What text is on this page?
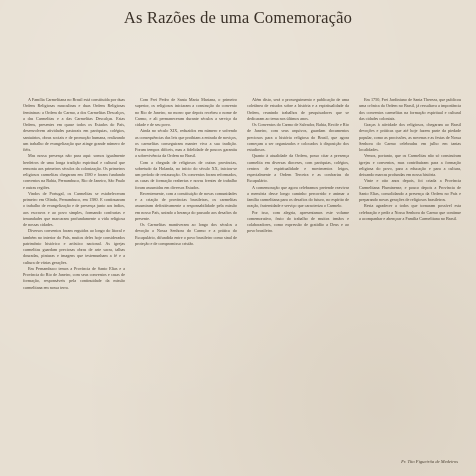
As Razões de uma Comemoração

A Família Carmelitana no Brasil está constituída por duas Ordens Religiosas masculinas e duas Ordens Religiosas femininas: a Ordem do Carmo, a dos Carmelitas Descalços, a das Carmelitas e a das Carmelitas Descalças. Estas Ordens, presentes em quase todos os Estados do País, desenvolvem atividades pastorais em paróquias, colégios, santuários, obras sociais e de promoção humana, realizando um trabalho de evangelização que atinge grande número de fiéis.

Mas nossa presença não para aqui: somos igualmente herdeiros de uma longa tradição espiritual e cultural que remonta aos primeiros séculos da colonização. Os primeiros religiosos carmelitas chegaram em 1580 e foram fundando conventos na Bahia, Pernambuco, Rio de Janeiro, São Paulo e outras regiões.

Vindos de Portugal, os Carmelitas se estabeleceram primeiro em Olinda, Pernambuco, em 1580. E continuaram o trabalho de evangelização e de presença junto aos índios, aos escravos e ao povo simples, formando confrarias e irmandades que marcaram profundamente a vida religiosa de nossas cidades.

Diversos conventos foram erguidos ao longo do litoral e também no interior do País, muitos deles hoje considerados patrimônio histórico e artístico nacional. As igrejas carmelitas guardam preciosas obras de arte sacra, talhas douradas, pinturas e imagens que testemunham a fé e a cultura de várias gerações.

Em Pernambuco temos a Província de Santo Elias e a Província do Rio de Janeiro, com seus conventos e casas de formação, responsáveis pela continuidade da missão carmelitana em nossa terra.

Com Frei Pedro de Santa Maria Mariana, o primeiro superior, os religiosos iniciaram a construção do convento no Rio de Janeiro, no morro que depois recebeu o nome de Carmo, e ali permaneceram durante séculos a serviço da cidade e de seu povo.

Ainda no século XIX, reduzidos em número e sofrendo as consequências das leis que proibiam a entrada de noviços, os carmelitas conseguiram manter viva a sua tradição. Foram tempos difíceis, mas a fidelidade de poucos garantiu a sobrevivência da Ordem no Brasil.

Com a chegada de religiosos de outras províncias, sobretudo da Holanda, no início do século XX, iniciou-se um período de restauração. Os conventos foram reformados, as casas de formação reabertas e novas frentes de trabalho foram assumidas em diversos Estados.

Recentemente, com a constituição de novas comunidades e a criação de províncias brasileiras, os carmelitas assumiram definitivamente a responsabilidade pela missão em nosso País, unindo a herança do passado aos desafios do presente.

Os Carmelitas mantiveram ao longo dos séculos a devoção a Nossa Senhora do Carmo e a prática do Escapulário, difundida entre o povo brasileiro como sinal de proteção e de compromisso cristão.

Além disto, será o prosseguimento e publicação de uma coletânea de estudos sobre a história e a espiritualidade da Ordem, reunindo trabalhos de pesquisadores que se dedicaram ao tema nos últimos anos.

Os Conventos do Carmo de Salvador, Bahia, Recife e Rio de Janeiro, com seus arquivos, guardam documentos preciosos para a história religiosa do Brasil, que agora começam a ser organizados e colocados à disposição dos estudiosos.

Quanto à atualidade da Ordem, posso citar a presença carmelita em diversas dioceses, com paróquias, colégios, centros de espiritualidade e movimentos leigos, especialmente a Ordem Terceira e as confrarias do Escapulário.

A comemoração que agora celebramos pretende reavivar a memória desse longo caminho percorrido e animar a família carmelitana para os desafios do futuro, no espírito de oração, fraternidade e serviço que caracteriza o Carmelo.

Por isso, com alegria, apresentamos este volume comemorativo, fruto do trabalho de muitos irmãos e colaboradores, como expressão de gratidão a Deus e ao povo brasileiro.

Em 1750, Frei Jardiniano de Santa Thereza, que publicou uma crônica da Ordem no Brasil, já ressaltava a importância dos conventos carmelitas na formação espiritual e cultural das cidades coloniais.

Graças à atividade dos religiosos, chegaram ao Brasil devoções e práticas que até hoje fazem parte da piedade popular, como as procissões, as novenas e as festas de Nossa Senhora do Carmo celebradas em julho em tantas localidades.

Vemos, portanto, que os Carmelitas não só construíram igrejas e conventos, mas contribuíram para a formação religiosa do povo, para a educação e para a cultura, deixando marcas profundas em nossa história.

Vinte e oito anos depois, foi criada a Província Carmelitana Fluminense, e pouco depois a Província de Santo Elias, consolidando a presença da Ordem no País e preparando novas gerações de religiosos brasileiros.

Resta agradecer a todos que tornaram possível esta celebração e pedir a Nossa Senhora do Carmo que continue a acompanhar e abençoar a Família Carmelitana no Brasil.

Fr. Tito Figueirôa de Medeiros
